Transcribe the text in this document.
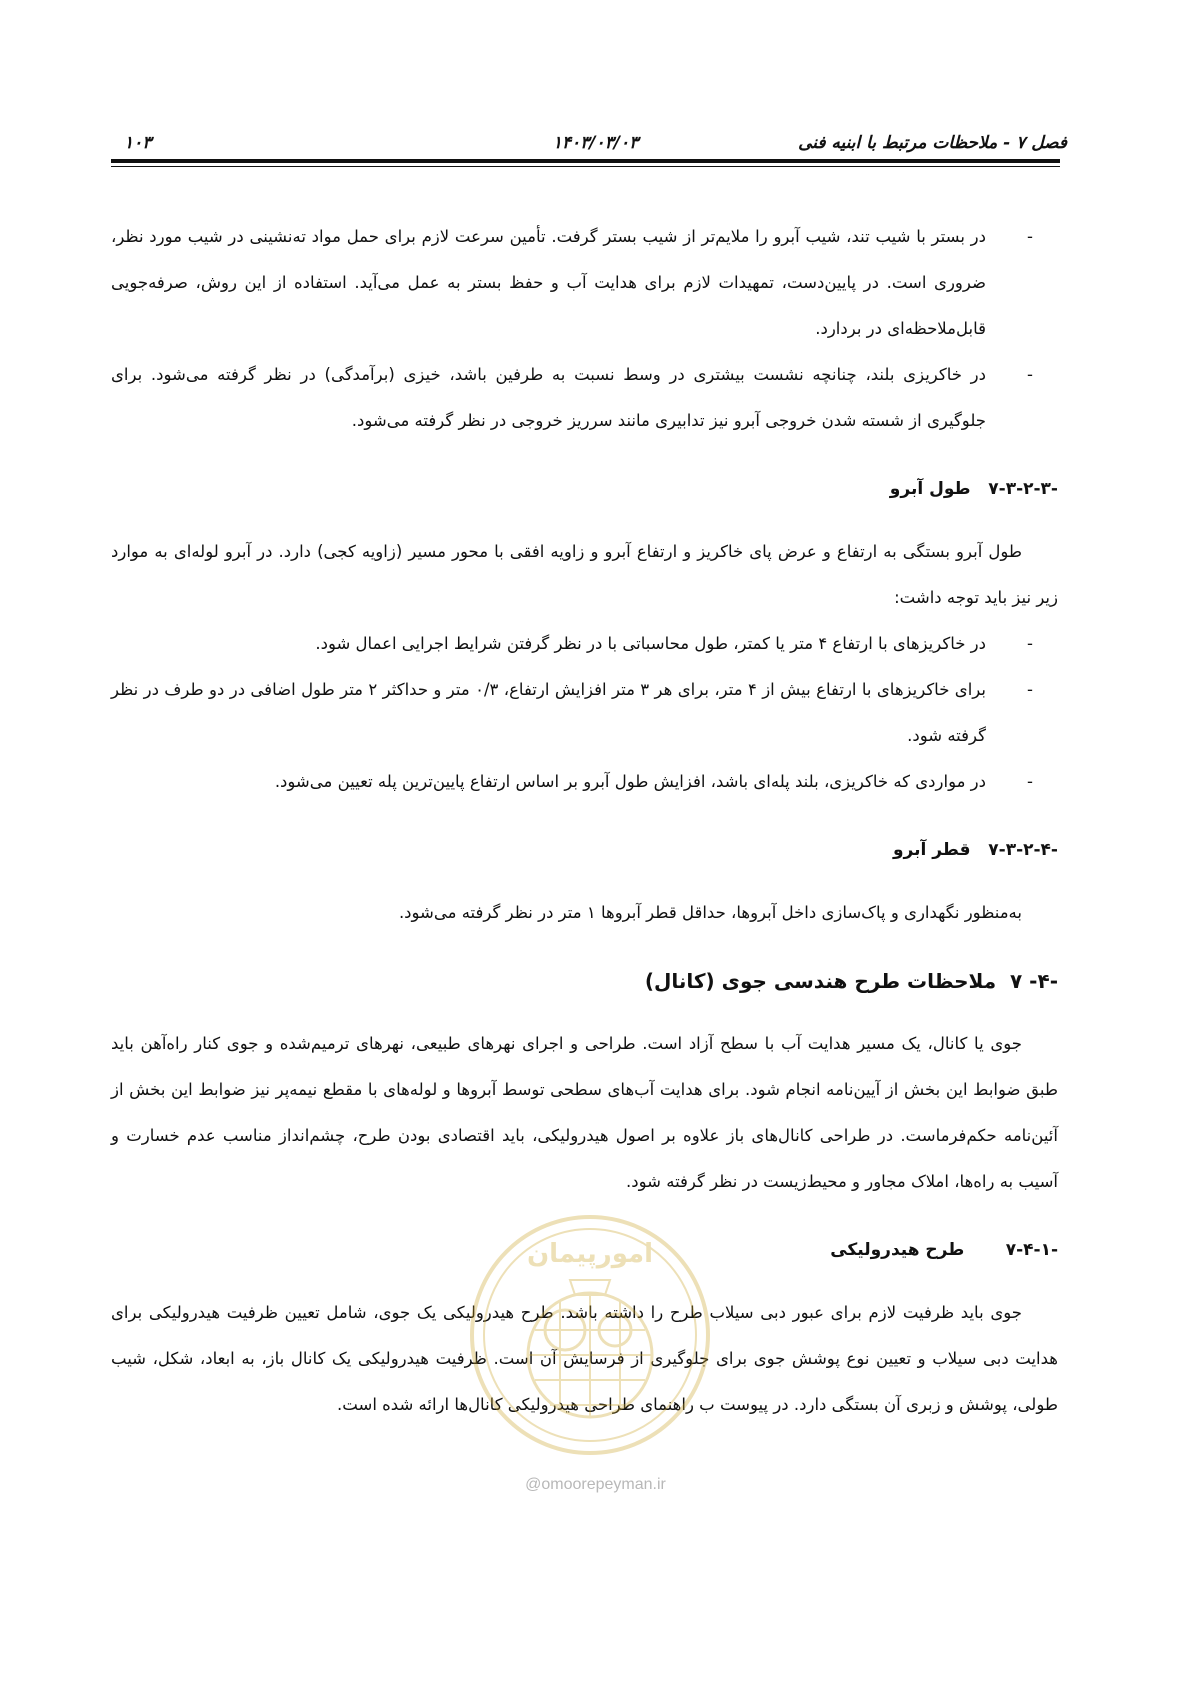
فصل ۷ - ملاحظات مرتبط با ابنیه فنی
۱۴۰۳/۰۳/۰۳
۱۰۳
-
در بستر با شیب تند، شیب آبرو را ملایم‌تر از شیب بستر گرفت. تأمین سرعت لازم برای حمل مواد ته‌نشینی در شیب مورد نظر، ضروری است. در پایین‌دست، تمهیدات لازم برای هدایت آب و حفظ بستر به عمل می‌آید. استفاده از این روش، صرفه‌جویی قابل‌ملاحظه‌ای در بردارد.
-
در خاکریزی بلند، چنانچه نشست بیشتری در وسط نسبت به طرفین باشد، خیزی (برآمدگی) در نظر گرفته می‌شود. برای جلوگیری از شسته شدن خروجی آبرو نیز تدابیری مانند سرریز خروجی در نظر گرفته می‌شود.

۷-۳-۲-۳-   طول آبرو

طول آبرو بستگی به ارتفاع و عرض پای خاکریز و ارتفاع آبرو و زاویه افقی با محور مسیر (زاویه کجی) دارد. در آبرو لوله‌ای به موارد زیر نیز باید توجه داشت:

-
در خاکریزهای با ارتفاع ۴ متر یا کمتر، طول محاسباتی با در نظر گرفتن شرایط اجرایی اعمال شود.
-
برای خاکریزهای با ارتفاع بیش از ۴ متر، برای هر ۳ متر افزایش ارتفاع، ۰/۳ متر و حداکثر ۲ متر طول اضافی در دو طرف در نظر گرفته شود.
-
در مواردی که خاکریزی، بلند پله‌ای باشد، افزایش طول آبرو بر اساس ارتفاع پایین‌ترین پله تعیین می‌شود.

۷-۳-۲-۴-   قطر آبرو

به‌منظور نگهداری و پاک‌سازی داخل آبروها، حداقل قطر آبروها ۱ متر در نظر گرفته می‌شود.

۷ -۴-  ملاحظات طرح هندسی جوی (کانال)

جوی یا کانال، یک مسیر هدایت آب با سطح آزاد است. طراحی و اجرای نهرهای طبیعی، نهرهای ترمیم‌شده و جوی کنار راه‌آهن باید طبق ضوابط این بخش از آیین‌نامه انجام شود. برای هدایت آب‌های سطحی توسط آبروها و لوله‌های با مقطع نیمه‌پر نیز ضوابط این بخش از آئین‌نامه حکم‌فرماست. در طراحی کانال‌های باز علاوه بر اصول هیدرولیکی، باید اقتصادی بودن طرح، چشم‌انداز مناسب عدم خسارت و آسیب به راه‌ها، املاک مجاور و محیط‌زیست در نظر گرفته شود.

۷-۴-۱-       طرح هیدرولیکی

جوی باید ظرفیت لازم برای عبور دبی سیلاب طرح را داشته باشد. طرح هیدرولیکی یک جوی، شامل تعیین ظرفیت هیدرولیکی برای هدایت دبی سیلاب و تعیین نوع پوشش جوی برای جلوگیری از فرسایش آن است. ظرفیت هیدرولیکی یک کانال باز، به ابعاد، شکل، شیب طولی، پوشش و زبری آن بستگی دارد. در پیوست ب راهنمای طراحی هیدرولیکی کانال‌ها ارائه شده است.

امورپیمان
@omoorepeyman.ir
